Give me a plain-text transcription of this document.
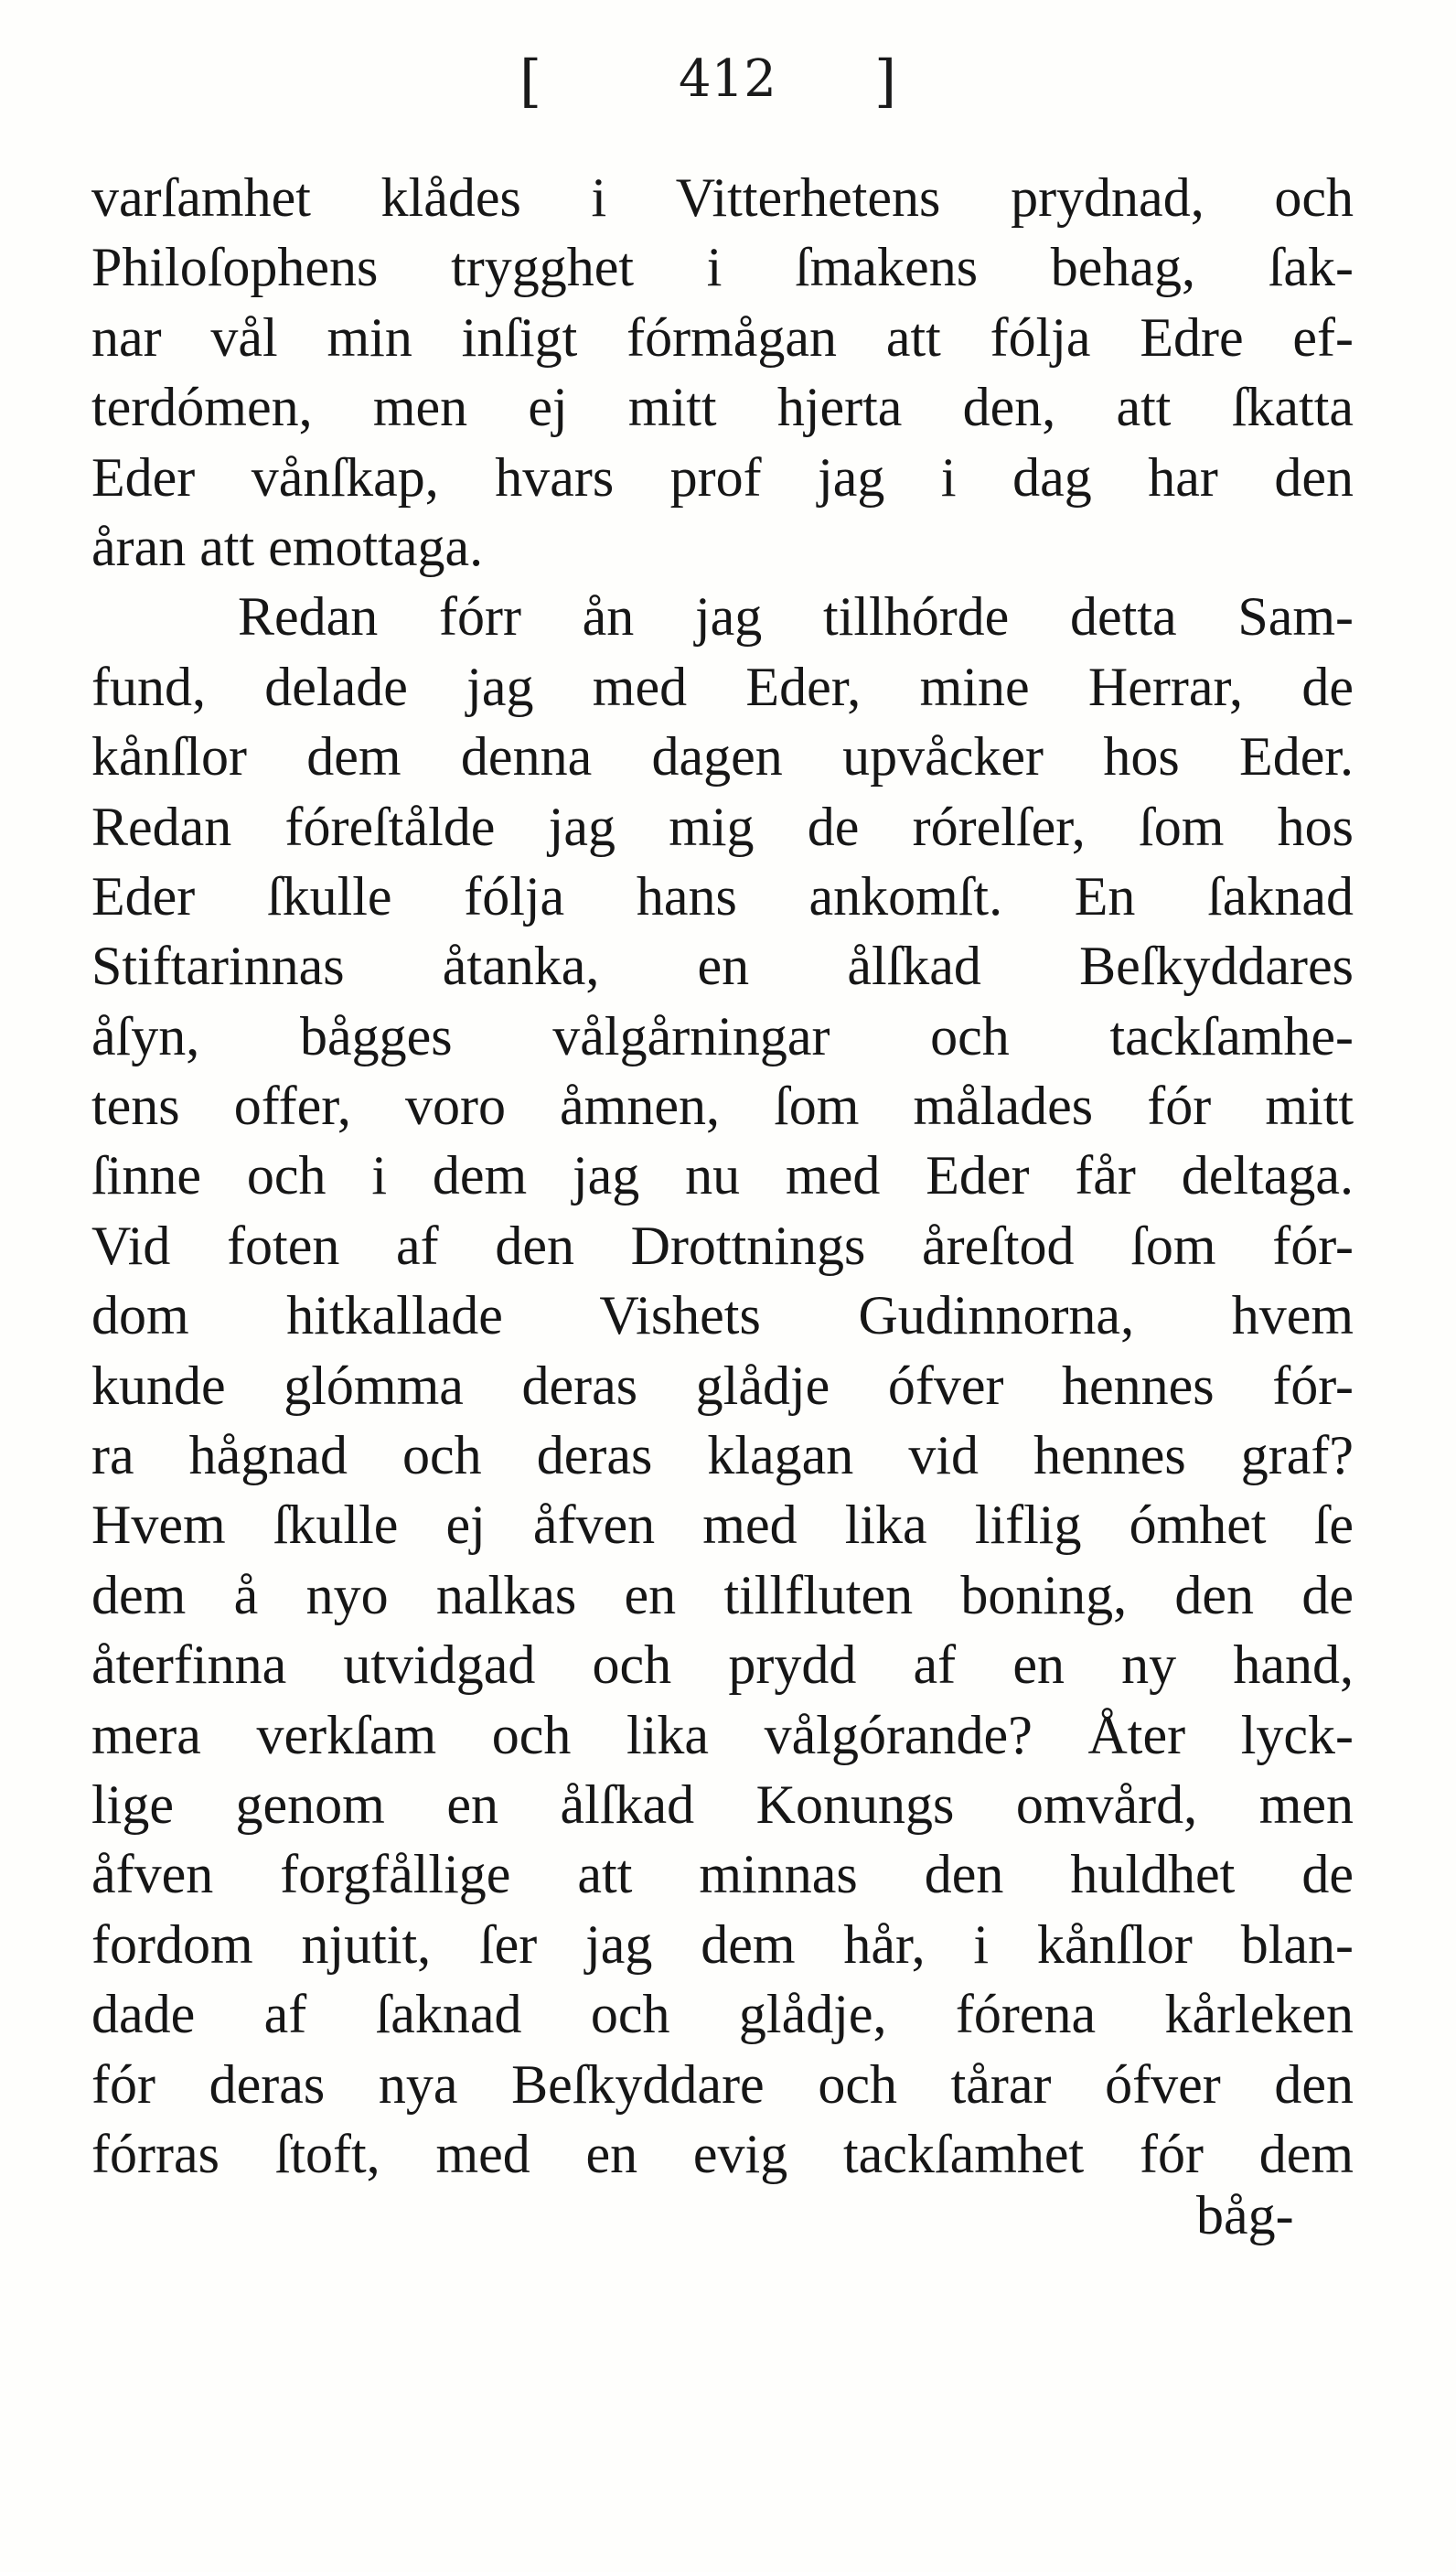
[	412 ]
varſamhet klådes i Vitterhetens prydnad, och
Philoſophens trygghet i ſmakens behag, ſak-
nar vål min inſigt fórmågan att fólja Edre ef-
terdómen, men ej mitt hjerta den, att ſkatta
Eder vånſkap, hvars prof jag i dag har den
åran att emottaga.
Redan fórr ån jag tillhórde detta Sam-
fund, delade jag med Eder, mine Herrar, de
kånſlor dem denna dagen upvåcker hos Eder.
Redan fóreſtålde jag mig de rórelſer, ſom hos
Eder ſkulle fólja hans ankomſt. En ſaknad
Stiftarinnas åtanka, en ålſkad Beſkyddares
åſyn, bågges vålgårningar och tackſamhe-
tens offer, voro åmnen, ſom målades fór mitt
ſinne och i dem jag nu med Eder får deltaga.
Vid foten af den Drottnings åreſtod ſom fór-
dom hitkallade Vishets Gudinnorna, hvem
kunde glómma deras glådje ófver hennes fór-
ra hågnad och deras klagan vid hennes graf?
Hvem ſkulle ej åfven med lika liflig ómhet ſe
dem å nyo nalkas en tillfluten boning, den de
återfinna utvidgad och prydd af en ny hand,
mera verkſam och lika vålgórande? Åter lyck-
lige genom en ålſkad Konungs omvård, men
åfven forgfållige att minnas den huldhet de
fordom njutit, ſer jag dem hår, i kånſlor blan-
dade af ſaknad och glådje, fórena kårleken
fór deras nya Beſkyddare och tårar ófver den
fórras ſtoft, med en evig tackſamhet fór dem
båg-
